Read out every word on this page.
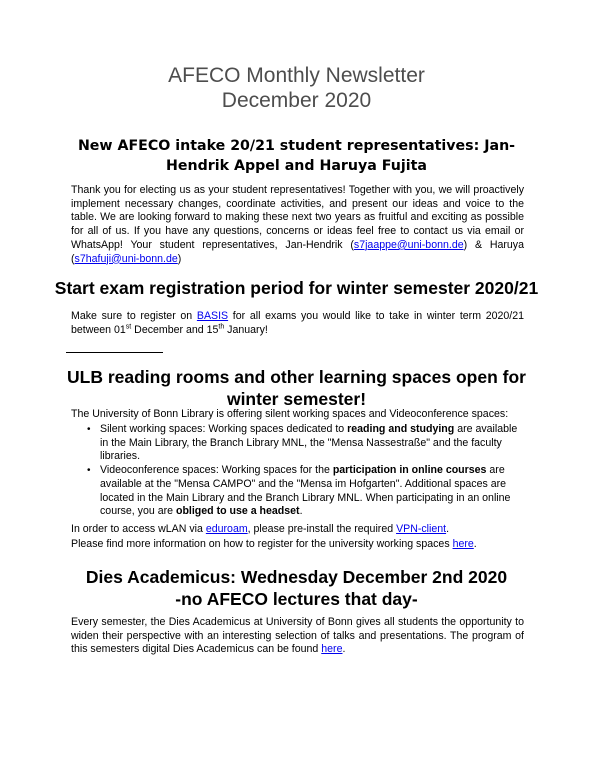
AFECO Monthly Newsletter
December 2020
New AFECO intake 20/21 student representatives: Jan-Hendrik Appel and Haruya Fujita
Thank you for electing us as your student representatives! Together with you, we will proactively implement necessary changes, coordinate activities, and present our ideas and voice to the table. We are looking forward to making these next two years as fruitful and exciting as possible for all of us. If you have any questions, concerns or ideas feel free to contact us via email or WhatsApp! Your student representatives, Jan-Hendrik (s7jaappe@uni-bonn.de) & Haruya (s7hafuji@uni-bonn.de)
Start exam registration period for winter semester 2020/21
Make sure to register on BASIS for all exams you would like to take in winter term 2020/21 between 01st December and 15th January!
ULB reading rooms and other learning spaces open for winter semester!
The University of Bonn Library is offering silent working spaces and Videoconference spaces:
• Silent working spaces: Working spaces dedicated to reading and studying are available in the Main Library, the Branch Library MNL, the "Mensa Nassestraße" and the faculty libraries.
• Videoconference spaces: Working spaces for the participation in online courses are available at the "Mensa CAMPO" and the "Mensa im Hofgarten". Additional spaces are located in the Main Library and the Branch Library MNL. When participating in an online course, you are obliged to use a headset.
In order to access wLAN via eduroam, please pre-install the required VPN-client.
Please find more information on how to register for the university working spaces here.
Dies Academicus: Wednesday December 2nd 2020
-no AFECO lectures that day-
Every semester, the Dies Academicus at University of Bonn gives all students the opportunity to widen their perspective with an interesting selection of talks and presentations. The program of this semesters digital Dies Academicus can be found here.
